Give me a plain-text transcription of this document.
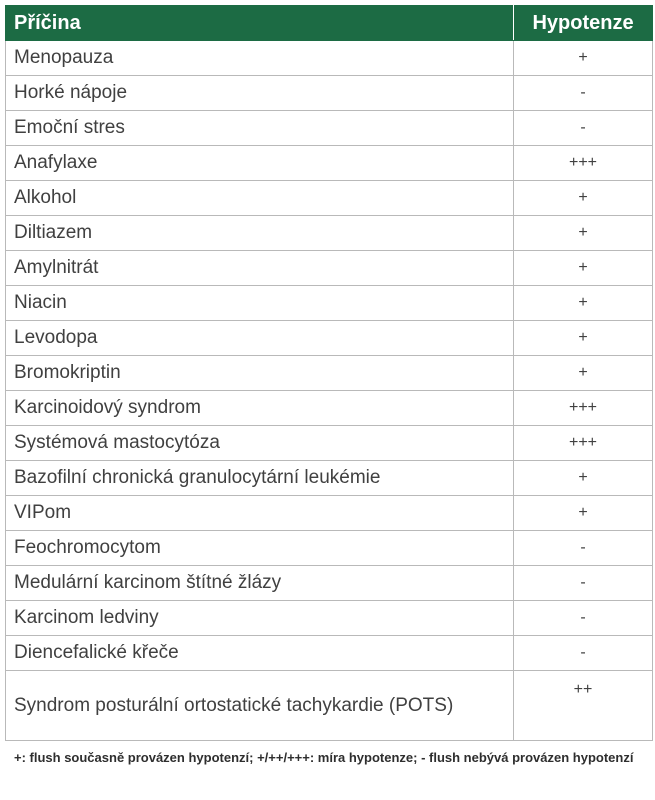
Příčina	Hypotenze
Menopauza	+
Horké nápoje	-
Emoční stres	-
Anafylaxe	+++
Alkohol	+
Diltiazem	+
Amylnitrát	+
Niacin	+
Levodopa	+
Bromokriptin	+
Karcinoidový syndrom	+++
Systémová mastocytóza	+++
Bazofilní chronická granulocytární leukémie	+
VIPom	+
Feochromocytom	-
Medulární karcinom štítné žlázy	-
Karcinom ledviny	-
Diencefalické křeče	-
Syndrom posturální ortostatické tachykardie (POTS)	++
+: flush současně provázen hypotenzí; +/++/+++: míra hypotenze; - flush nebývá provázen hypotenzí
